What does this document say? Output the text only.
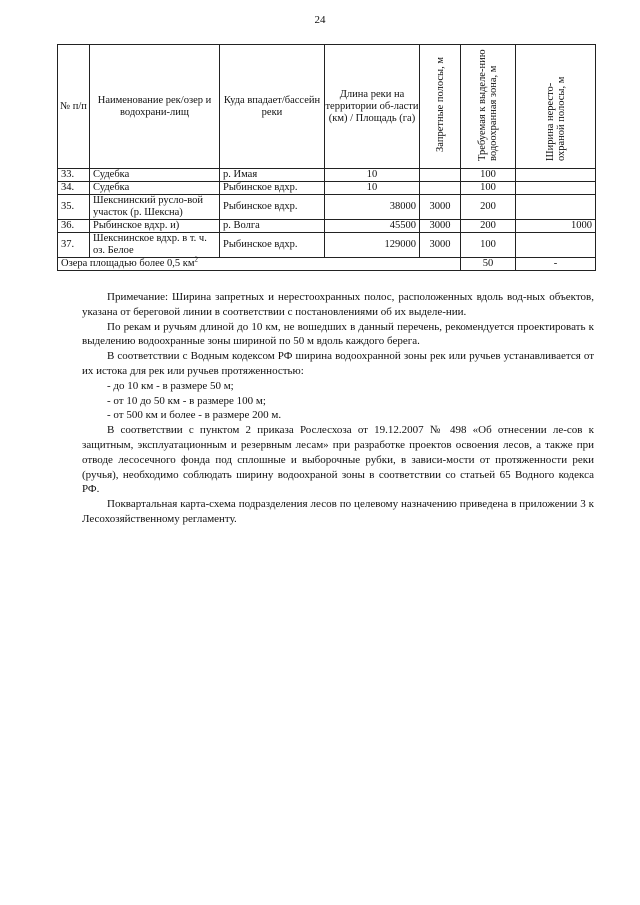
24
№ п/п	Наименование рек/озер и водохрани-лищ	Куда впадает/бассейн реки	Длина реки на территории об-ласти (км) / Площадь (га)	Запретные полосы, м	Требуемая к выделе-нию водоохранная зона, м	Ширина нересто-охраной полосы, м
33.	Судебка	р. Имая	10		100	
34.	Судебка	Рыбинское вдхр.	10		100	
35.	Шекснинский русло-вой участок (р. Шексна)	Рыбинское вдхр.	38000	3000	200	
36.	Рыбинское вдхр. и)	р. Волга	45500	3000	200	1000
37.	Шекснинское вдхр. в т. ч. оз. Белое	Рыбинское вдхр.	129000	3000	100	
Озера площадью более 0,5 $км^2$					50	-

Примечание: Ширина запретных и нерестоохранных полос, расположенных вдоль вод-ных объектов, указана от береговой линии в соответствии с постановлениями об их выделе-нии.

По рекам и ручьям длиной до 10 км, не вошедших в данный перечень, рекомендуется проектировать к выделению водоохранные зоны шириной по 50 м вдоль каждого берега.

В соответствии с Водным кодексом РФ ширина водоохранной зоны рек или ручьев устанавливается от их истока для рек или ручьев протяженностью:

- до 10 км - в размере 50 м;

- от 10 до 50 км - в размере 100 м;

- от 500 км и более - в размере 200 м.

В соответствии с пунктом 2 приказа Рослесхоза от 19.12.2007 № 498 «Об отнесении ле-сов к защитным, эксплуатационным и резервным лесам» при разработке проектов освоения лесов, а также при отводе лесосечного фонда под сплошные и выборочные рубки, в зависи-мости от протяженности реки (ручья), необходимо соблюдать ширину водоохраной зоны в соответствии со статьей 65 Водного кодекса РФ.

Поквартальная карта-схема подразделения лесов по целевому назначению приведена в приложении 3 к Лесохозяйственному регламенту.
